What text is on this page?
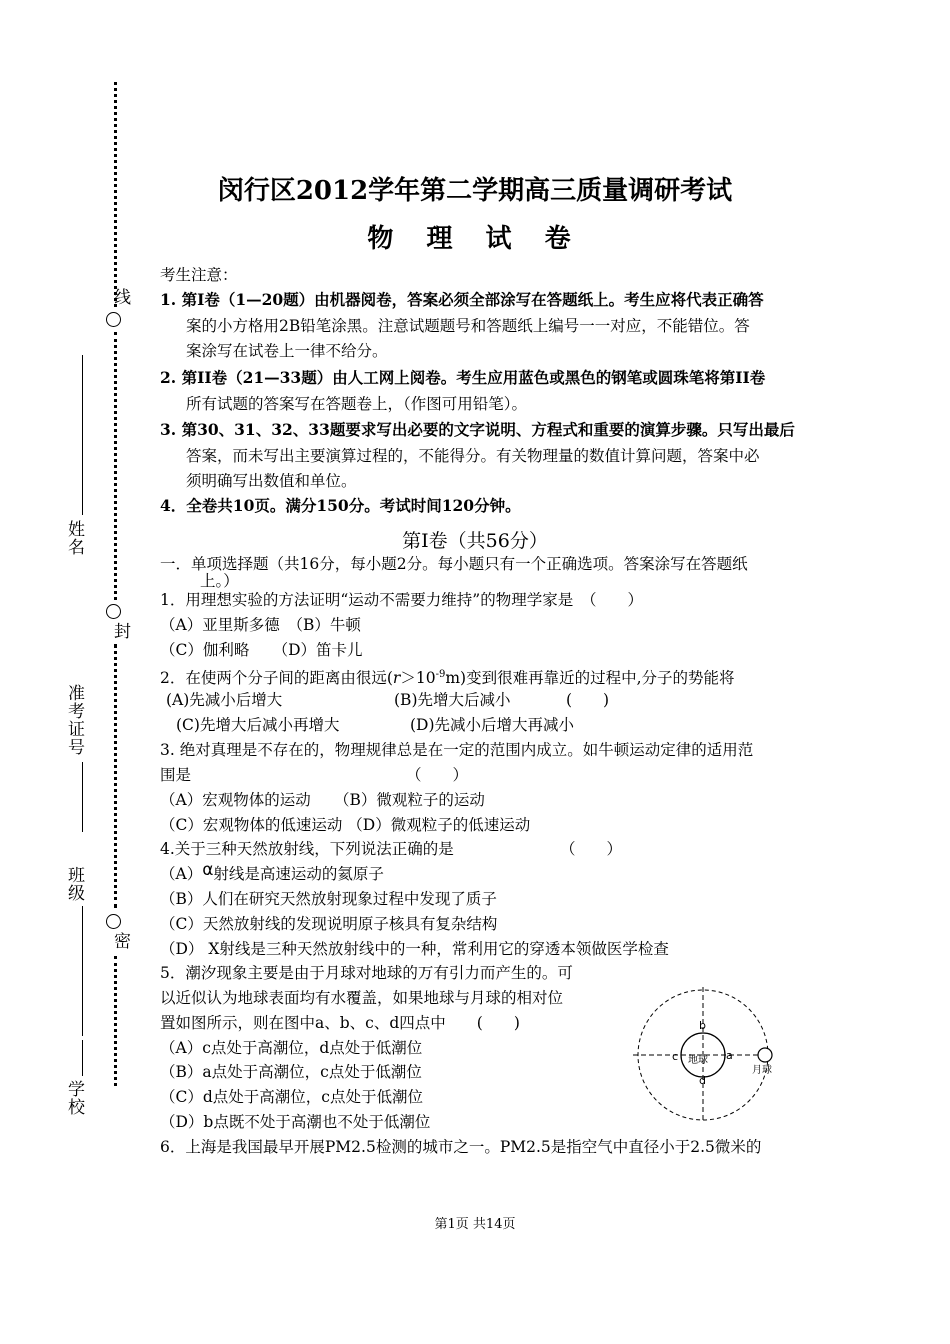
线
封
密
姓名
准考证号
班级
学校
闵行区2012学年第二学期高三质量调研考试
物 理 试 卷
考生注意：
1. 第I卷（1—20题）由机器阅卷，答案必须全部涂写在答题纸上。考生应将代表正确答
案的小方格用2B铅笔涂黑。注意试题题号和答题纸上编号一一对应，不能错位。答
案涂写在试卷上一律不给分。
2. 第II卷（21—33题）由人工网上阅卷。考生应用蓝色或黑色的钢笔或圆珠笔将第II卷
所有试题的答案写在答题卷上，（作图可用铅笔）。
3. 第30、31、32、33题要求写出必要的文字说明、方程式和重要的演算步骤。只写出最后
答案，而未写出主要演算过程的，不能得分。有关物理量的数值计算问题，答案中必
须明确写出数值和单位。
4．全卷共10页。满分150分。考试时间120分钟。
第I卷（共56分）
一．单项选择题（共16分，每小题2分。每小题只有一个正确选项。答案涂写在答题纸
上。）
1．用理想实验的方法证明“运动不需要力维持”的物理学家是　（　　）
（A）亚里斯多德　（B）牛顿
（C）伽利略　　（D）笛卡儿
2．在使两个分子间的距离由很远$(r>10^{-9}m)$变到很难再靠近的过程中,分子的势能将
(A)先减小后增大	(B)先增大后减小	(　　)
(C)先增大后减小再增大	(D)先减小后增大再减小
3. 绝对真理是不存在的，物理规律总是在一定的范围内成立。如牛顿运动定律的适用范
围是	（　　）
（A）宏观物体的运动　　（B）微观粒子的运动
（C）宏观物体的低速运动 （D）微观粒子的低速运动
4.关于三种天然放射线，下列说法正确的是	（　　）
（A）α射线是高速运动的氦原子
（B）人们在研究天然放射现象过程中发现了质子
（C）天然放射线的发现说明原子核具有复杂结构
（D） X射线是三种天然放射线中的一种，常利用它的穿透本领做医学检查
5．潮汐现象主要是由于月球对地球的万有引力而产生的。可
以近似认为地球表面均有水覆盖，如果地球与月球的相对位
置如图所示，则在图中a、b、c、d四点中　　(　　)
（A）c点处于高潮位，d点处于低潮位
（B）a点处于高潮位，c点处于低潮位
（C）d点处于高潮位，c点处于低潮位
（D）b点既不处于高潮也不处于低潮位
地球
月球
a
b
c
d
6．上海是我国最早开展PM2.5检测的城市之一。PM2.5是指空气中直径小于2.5微米的
第1页 共14页
